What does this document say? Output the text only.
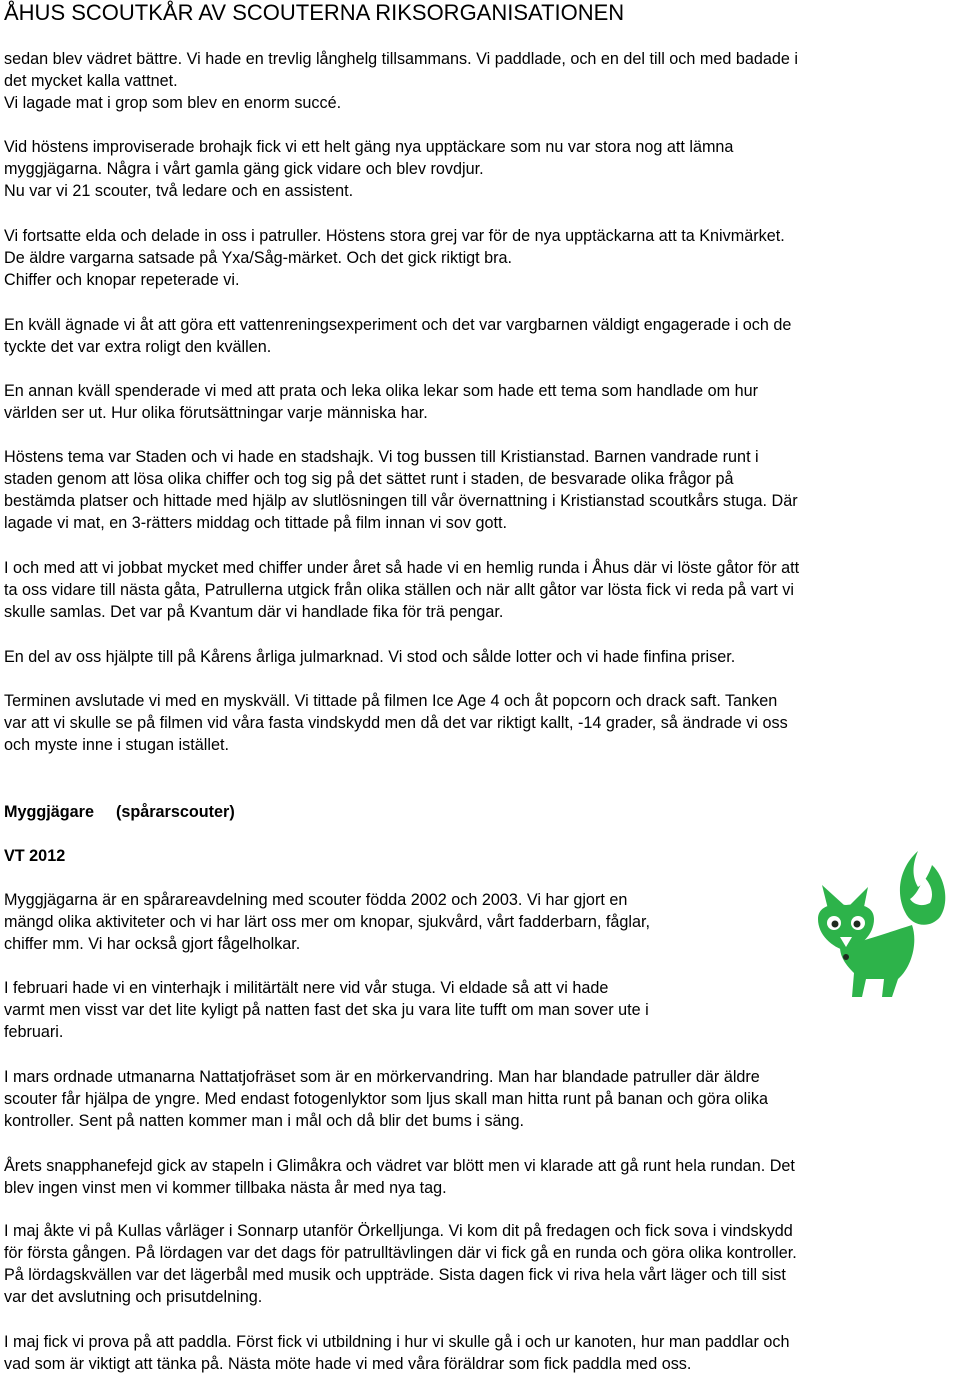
ÅHUS SCOUTKÅR AV SCOUTERNA RIKSORGANISATIONEN

sedan blev vädret bättre. Vi hade en trevlig långhelg tillsammans. Vi paddlade, och en del till och med badade i
det mycket kalla vattnet.
Vi lagade mat i grop som blev en enorm succé.

Vid höstens improviserade brohajk fick vi ett helt gäng nya upptäckare som nu var stora nog att lämna
myggjägarna. Några i vårt gamla gäng gick vidare och blev rovdjur.
Nu var vi 21 scouter, två ledare och en assistent.

Vi fortsatte elda och delade in oss i patruller. Höstens stora grej var för de nya upptäckarna att ta Knivmärket.
De äldre vargarna satsade på Yxa/Såg-märket. Och det gick riktigt bra.
Chiffer och knopar repeterade vi.

En kväll ägnade vi åt att göra ett vattenreningsexperiment och det var vargbarnen väldigt engagerade i och de
tyckte det var extra roligt den kvällen.

En annan kväll spenderade vi med att prata och leka olika lekar som hade ett tema som handlade om hur
världen ser ut. Hur olika förutsättningar varje människa har.

Höstens tema var Staden och vi hade en stadshajk. Vi tog bussen till Kristianstad. Barnen vandrade runt i
staden genom att lösa olika chiffer och tog sig på det sättet runt i staden, de besvarade olika frågor på
bestämda platser och hittade med hjälp av slutlösningen till vår övernattning i Kristianstad scoutkårs stuga. Där
lagade vi mat, en 3-rätters middag och tittade på film innan vi sov gott.

I och med att vi jobbat mycket med chiffer under året så hade vi en hemlig runda i Åhus där vi löste gåtor för att
ta oss vidare till nästa gåta, Patrullerna utgick från olika ställen och när allt gåtor var lösta fick vi reda på vart vi
skulle samlas. Det var på Kvantum där vi handlade fika för trä pengar.

En del av oss hjälpte till på Kårens årliga julmarknad. Vi stod och sålde lotter och vi hade finfina priser.

Terminen avslutade vi med en myskväll. Vi tittade på filmen Ice Age 4 och åt popcorn och drack saft. Tanken
var att vi skulle se på filmen vid våra fasta vindskydd men då det var riktigt kallt, -14 grader, så ändrade vi oss
och myste inne i stugan istället.

Myggjägare (spårarscouter)
VT 2012

Myggjägarna är en spårareavdelning med scouter födda 2002 och 2003. Vi har gjort en
mängd olika aktiviteter och vi har lärt oss mer om knopar, sjukvård, vårt fadderbarn, fåglar,
chiffer mm. Vi har också gjort fågelholkar.

I februari hade vi en vinterhajk i militärtält nere vid vår stuga. Vi eldade så att vi hade
varmt men visst var det lite kyligt på natten fast det ska ju vara lite tufft om man sover ute i
februari.

I mars ordnade utmanarna Nattatjofräset som är en mörkervandring. Man har blandade patruller där äldre
scouter får hjälpa de yngre. Med endast fotogenlyktor som ljus skall man hitta runt på banan och göra olika
kontroller. Sent på natten kommer man i mål och då blir det bums i säng.

Årets snapphanefejd gick av stapeln i Glimåkra och vädret var blött men vi klarade att gå runt hela rundan. Det
blev ingen vinst men vi kommer tillbaka nästa år med nya tag.

I maj åkte vi på Kullas vårläger i Sonnarp utanför Örkelljunga. Vi kom dit på fredagen och fick sova i vindskydd
för första gången. På lördagen var det dags för patrulltävlingen där vi fick gå en runda och göra olika kontroller.
På lördagskvällen var det lägerbål med musik och uppträde. Sista dagen fick vi riva hela vårt läger och till sist
var det avslutning och prisutdelning.

I maj fick vi prova på att paddla. Först fick vi utbildning i hur vi skulle gå i och ur kanoten, hur man paddlar och
vad som är viktigt att tänka på. Nästa möte hade vi med våra föräldrar som fick paddla med oss.
